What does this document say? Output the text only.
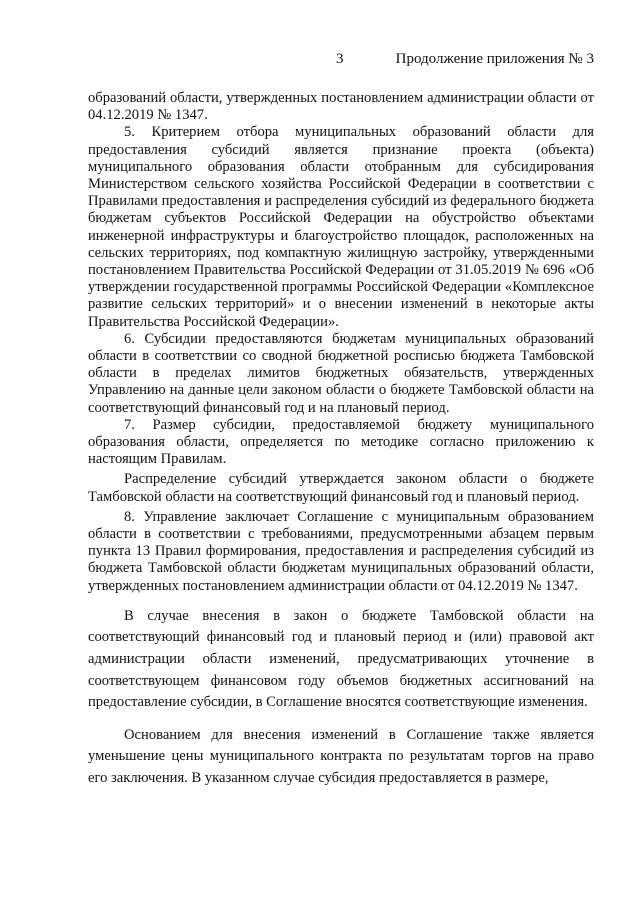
3	Продолжение приложения № 3

образований области, утвержденных постановлением администрации области от 04.12.2019 № 1347.

5. Критерием отбора муниципальных образований области для предоставления субсидий является признание проекта (объекта) муниципального образования области отобранным для субсидирования Министерством сельского хозяйства Российской Федерации в соответствии с Правилами предоставления и распределения субсидий из федерального бюджета бюджетам субъектов Российской Федерации на обустройство объектами инженерной инфраструктуры и благоустройство площадок, расположенных на сельских территориях, под компактную жилищную застройку, утвержденными постановлением Правительства Российской Федерации от 31.05.2019 № 696 «Об утверждении государственной программы Российской Федерации «Комплексное развитие сельских территорий» и о внесении изменений в некоторые акты Правительства Российской Федерации».

6. Субсидии предоставляются бюджетам муниципальных образований области в соответствии со сводной бюджетной росписью бюджета Тамбовской области в пределах лимитов бюджетных обязательств, утвержденных Управлению на данные цели законом области о бюджете Тамбовской области на соответствующий финансовый год и на плановый период.

7. Размер субсидии, предоставляемой бюджету муниципального образования области, определяется по методике согласно приложению к настоящим Правилам.

Распределение субсидий утверждается законом области о бюджете Тамбовской области на соответствующий финансовый год и плановый период.

8. Управление заключает Соглашение с муниципальным образованием области в соответствии с требованиями, предусмотренными абзацем первым пункта 13 Правил формирования, предоставления и распределения субсидий из бюджета Тамбовской области бюджетам муниципальных образований области, утвержденных постановлением администрации области от 04.12.2019 № 1347.

В случае внесения в закон о бюджете Тамбовской области на соответствующий финансовый год и плановый период и (или) правовой акт администрации области изменений, предусматривающих уточнение в соответствующем финансовом году объемов бюджетных ассигнований на предоставление субсидии, в Соглашение вносятся соответствующие изменения.

Основанием для внесения изменений в Соглашение также является уменьшение цены муниципального контракта по результатам торгов на право его заключения. В указанном случае субсидия предоставляется в размере,
